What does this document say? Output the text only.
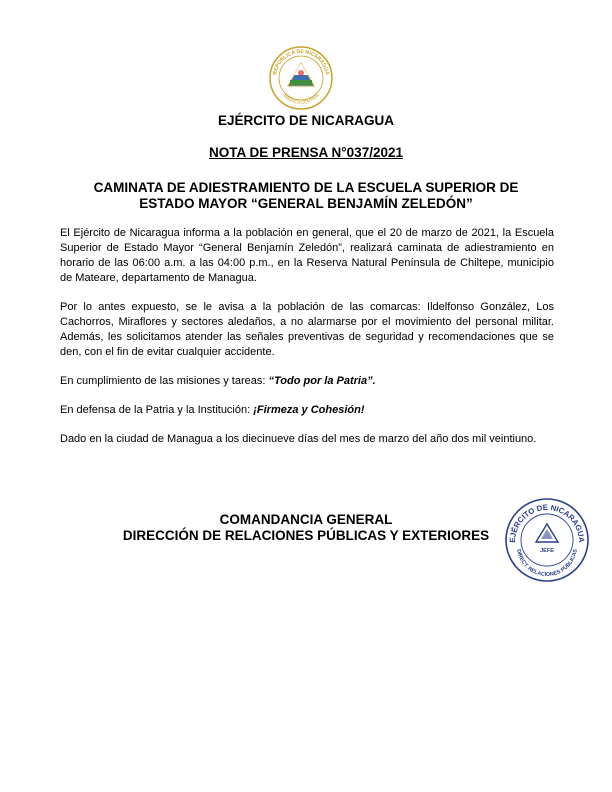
REPÚBLICA DE NICARAGUA
AMÉRICA CENTRAL
EJÉRCITO DE NICARAGUA
NOTA DE PRENSA N°037/2021
CAMINATA DE ADIESTRAMIENTO DE LA ESCUELA SUPERIOR DE
ESTADO MAYOR “GENERAL BENJAMÍN ZELEDÓN”

El Ejército de Nicaragua informa a la población en general, que el 20 de marzo de 2021, la Escuela Superior de Estado Mayor “General Benjamín Zeledón”, realizará caminata de adiestramiento en horario de las 06:00 a.m. a las 04:00 p.m., en la Reserva Natural Península de Chiltepe, municipio de Mateare, departamento de Managua.

Por lo antes expuesto, se le avisa a la población de las comarcas: Ildelfonso González, Los Cachorros, Miraflores y sectores aledaños, a no alarmarse por el movimiento del personal militar. Además, les solicitamos atender las señales preventivas de seguridad y recomendaciones que se den, con el fin de evitar cualquier accidente.

En cumplimiento de las misiones y tareas: “Todo por la Patria”.

En defensa de la Patria y la Institución: ¡Firmeza y Cohesión!

Dado en la ciudad de Managua a los diecinueve días del mes de marzo del año dos mil veintiuno.

COMANDANCIA GENERAL
DIRECCIÓN DE RELACIONES PÚBLICAS Y EXTERIORES	EJÉRCITO DE NICARAGUA
DIRECT. RELACIONES PÚBLICAS
JEFE
